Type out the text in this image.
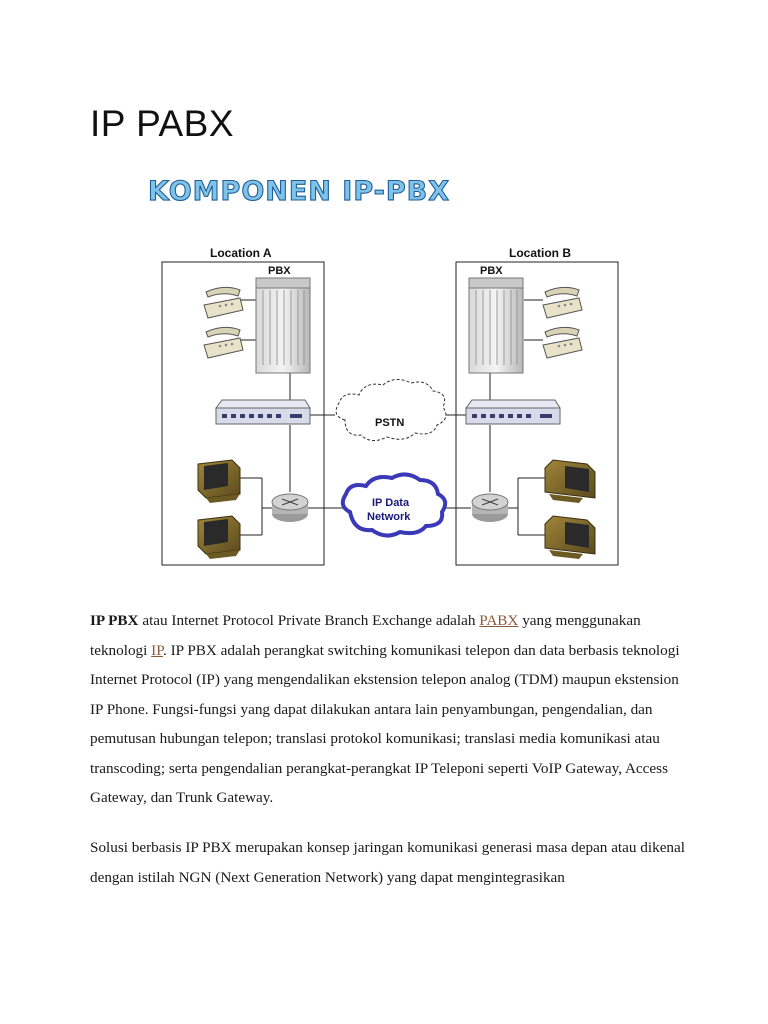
IP PABX
KOMPONEN IP-PBX
Location A	Location B
PBX	PBX
PSTN
IP Data
Network

IP PBX atau Internet Protocol Private Branch Exchange adalah PABX yang menggunakan teknologi IP. IP PBX adalah perangkat switching komunikasi telepon dan data berbasis teknologi Internet Protocol (IP) yang mengendalikan ekstension telepon analog (TDM) maupun ekstension IP Phone. Fungsi-fungsi yang dapat dilakukan antara lain penyambungan, pengendalian, dan pemutusan hubungan telepon; translasi protokol komunikasi; translasi media komunikasi atau transcoding; serta pengendalian perangkat-perangkat IP Teleponi seperti VoIP Gateway, Access Gateway, dan Trunk Gateway.

Solusi berbasis IP PBX merupakan konsep jaringan komunikasi generasi masa depan atau dikenal dengan istilah NGN (Next Generation Network) yang dapat mengintegrasikan
